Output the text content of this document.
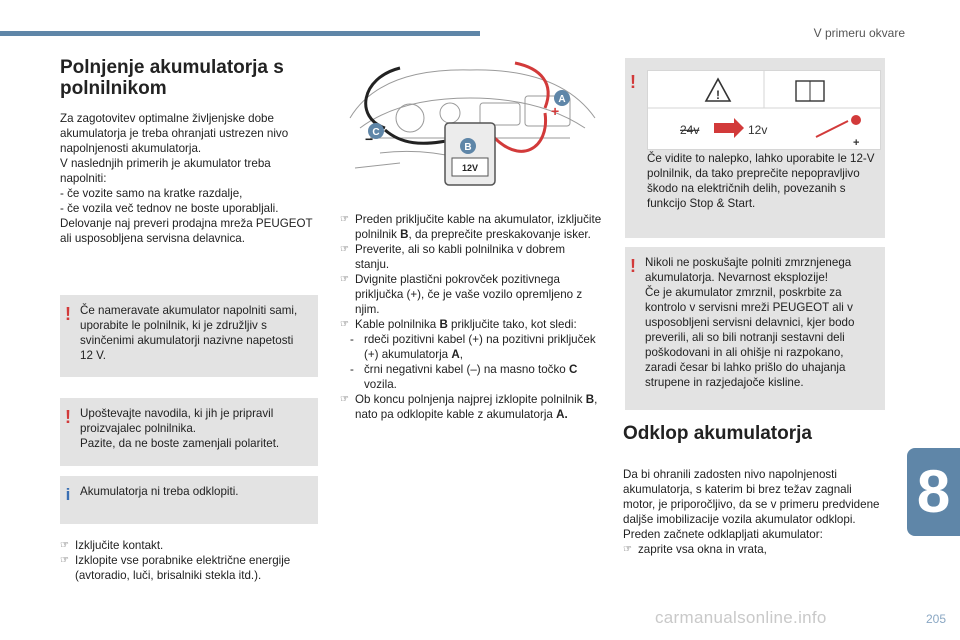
V primeru okvare
Polnjenje akumulatorja s polnilnikom

Za zagotovitev optimalne življenjske dobe akumulatorja je treba ohranjati ustrezen nivo napolnjenosti akumulatorja.
V naslednjih primerih je akumulator treba napolniti:
- če vozite samo na kratke razdalje,
- če vozila več tednov ne boste uporabljali.
Delovanje naj preveri prodajna mreža PEUGEOT ali usposobljena servisna delavnica.

! Če nameravate akumulator napolniti sami, uporabite le polnilnik, ki je združljiv s svinčenimi akumulatorji nazivne napetosti 12 V.
! Upoštevajte navodila, ki jih je pripravil proizvajalec polnilnika.
Pazite, da ne boste zamenjali polaritet.
i Akumulatorja ni treba odklopiti.
☞ Izključite kontakt.
☞ Izklopite vse porabnike električne energije (avtoradio, luči, brisalniki stekla itd.).
12V
B
A
C
+
−
☞ Preden priključite kable na akumulator, izključite polnilnik B, da preprečite preskakovanje isker.
☞ Preverite, ali so kabli polnilnika v dobrem stanju.
☞ Dvignite plastični pokrovček pozitivnega priključka (+), če je vaše vozilo opremljeno z njim.
☞ Kable polnilnika B priključite tako, kot sledi:
- rdeči pozitivni kabel (+) na pozitivni priključek (+) akumulatorja A,
- črni negativni kabel (–) na masno točko C vozila.
☞ Ob koncu polnjenja najprej izklopite polnilnik B, nato pa odklopite kable z akumulatorja A.
!
!
24v	12v
+
Če vidite to nalepko, lahko uporabite le 12-V polnilnik, da tako preprečite nepopravljivo škodo na električnih delih, povezanih s funkcijo Stop & Start.
! Nikoli ne poskušajte polniti zmrznjenega akumulatorja. Nevarnost eksplozije!
Če je akumulator zmrznil, poskrbite za kontrolo v servisni mreži PEUGEOT ali v usposobljeni servisni delavnici, kjer bodo preverili, ali so bili notranji sestavni deli poškodovani in ali ohišje ni razpokano, zaradi česar bi lahko prišlo do uhajanja strupene in razjedajoče kisline.
Odklop akumulatorja

Da bi ohranili zadosten nivo napolnjenosti akumulatorja, s katerim bi brez težav zagnali motor, je priporočljivo, da se v primeru predvidene daljše imobilizacije vozila akumulator odklopi.
Preden začnete odklapljati akumulator:

☞ zaprite vsa okna in vrata,
8
carmanualsonline.info	205
